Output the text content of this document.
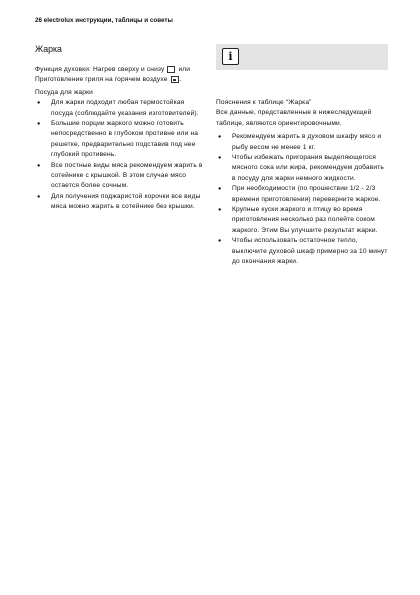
26 electrolux инструкции, таблицы и советы
Жарка

Функция духовки: Нагрев сверху и снизу или Приготовление гриля на горячем воздухе .

Посуда для жарки

● Для жарки подходит любая термостойкая посуда (соблюдайте указания изготовителей).
● Большие порции жаркого можно готовить непосредственно в глубоком противне или на решетке, предварительно подставив под нее глубокий противень.
● Все постные виды мяса рекомендуем жарить в сотейнике с крышкой. В этом случае мясо остается более сочным.
● Для получения поджаристой корочки все виды мяса можно жарить в сотейнике без крышки.
i

Пояснения к таблице “Жарка”

Все данные, представленные в нижеследующей таблице, являются ориентировочными.

● Рекомендуем жарить в духовом шкафу мясо и рыбу весом не менее 1 кг.
● Чтобы избежать пригорания выделяющегося мясного сока или жира, рекомендуем добавить в посуду для жарки немного жидкости.
● При необходимости (по прошествии 1/2 - 2/3 времени приготовления) переверните жаркое.
● Крупные куски жаркого и птицу во время приготовления несколько раз полейте соком жаркого. Этим Вы улучшите результат жарки.
● Чтобы использовать остаточное тепло, выключите духовой шкаф примерно за 10 минут до окончания жарки.
